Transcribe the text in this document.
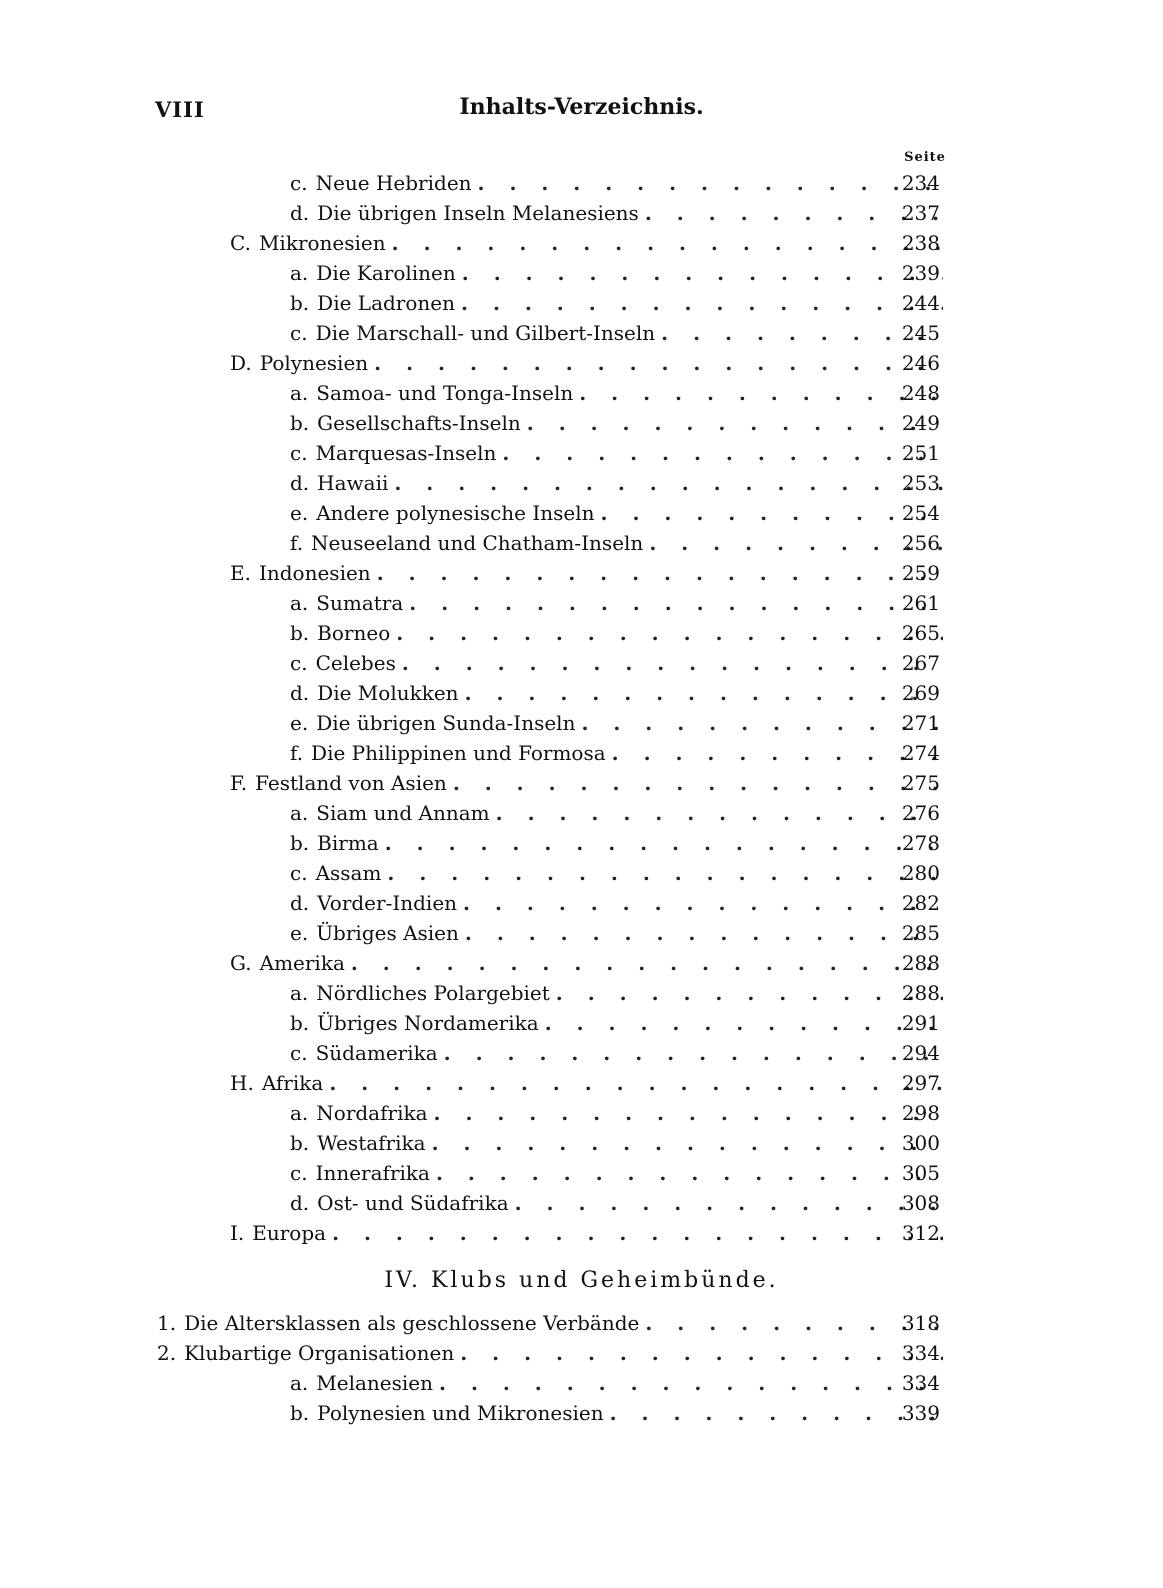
VIII	Inhalts-Verzeichnis.
Seite
c. Neue Hebriden . . .	234
d. Die übrigen Inseln Melanesiens . . .	237
C. Mikronesien . . .	238
a. Die Karolinen . . .	239
b. Die Ladronen . . .	244
c. Die Marschall- und Gilbert-Inseln . . .	245
D. Polynesien . . .	246
a. Samoa- und Tonga-Inseln . . .	248
b. Gesellschafts-Inseln . . .	249
c. Marquesas-Inseln . . .	251
d. Hawaii . . .	253
e. Andere polynesische Inseln . . .	254
f. Neuseeland und Chatham-Inseln . . .	256
E. Indonesien . . .	259
a. Sumatra . . .	261
b. Borneo . . .	265
c. Celebes . . .	267
d. Die Molukken . . .	269
e. Die übrigen Sunda-Inseln . . .	271
f. Die Philippinen und Formosa . . .	274
F. Festland von Asien . . .	275
a. Siam und Annam . . .	276
b. Birma . . .	278
c. Assam . . .	280
d. Vorder-Indien . . .	282
e. Übriges Asien . . .	285
G. Amerika . . .	288
a. Nördliches Polargebiet . . .	288
b. Übriges Nordamerika . . .	291
c. Südamerika . . .	294
H. Afrika . . .	297
a. Nordafrika . . .	298
b. Westafrika . . .	300
c. Innerafrika . . .	305
d. Ost- und Südafrika . . .	308
I. Europa . . .	312
IV. Klubs und Geheimbünde.
1. Die Altersklassen als geschlossene Verbände . . .	318
2. Klubartige Organisationen . . .	334
a. Melanesien . . .	334
b. Polynesien und Mikronesien . . .	339
